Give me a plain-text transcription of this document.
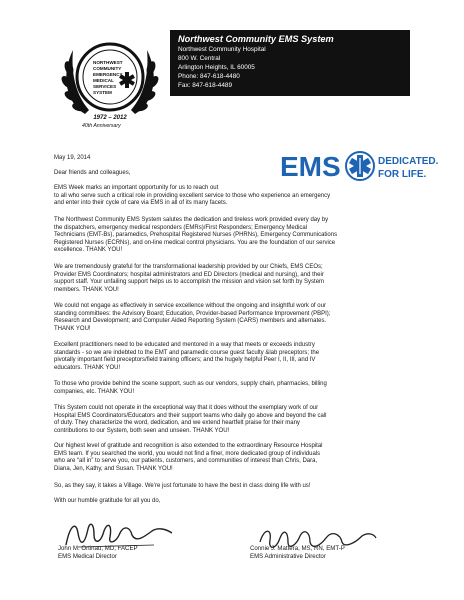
NORTHWEST
COMMUNITY
EMERGENCY
MEDICAL
SERVICES
SYSTEM
1972 – 2012
40th Anniversary
Northwest Community EMS System
Northwest Community Hospital
800 W. Central
Arlington Heights, IL 60005
Phone: 847-618-4480
Fax: 847-618-4489
EMS	DEDICATED.
FOR LIFE.
May 19, 2014
Dear friends and colleagues,
EMS Week marks an important opportunity for us to reach out
to all who serve such a critical role in providing excellent service to those who experience an emergency
and enter into their cycle of care via EMS in all of its many facets.
The Northwest Community EMS System salutes the dedication and tireless work provided every day by
the dispatchers, emergency medical responders (EMRs)/First Responders; Emergency Medical
Technicians (EMT-Bs), paramedics, Prehospital Registered Nurses (PHRNs), Emergency Communications
Registered Nurses (ECRNs), and on-line medical control physicians. You are the foundation of our service
excellence. THANK YOU!
We are tremendously grateful for the transformational leadership provided by our Chiefs, EMS CEOs;
Provider EMS Coordinators; hospital administrators and ED Directors (medical and nursing), and their
support staff. Your unfailing support helps us to accomplish the mission and vision set forth by System
members. THANK YOU!
We could not engage as effectively in service excellence without the ongoing and insightful work of our
standing committees: the Advisory Board; Education, Provider-based Performance Improvement (PBPI);
Research and Development; and Computer Aided Reporting System (CARS) members and alternates.
THANK YOU!
Excellent practitioners need to be educated and mentored in a way that meets or exceeds industry
standards - so we are indebted to the EMT and paramedic course guest faculty &lab preceptors; the
pivotally important field preceptors/field training officers; and the hugely helpful Peer I, II, III, and IV
educators. THANK YOU!
To those who provide behind the scene support, such as our vendors, supply chain, pharmacies, billing
companies, etc. THANK YOU!
This System could not operate in the exceptional way that it does without the exemplary work of our
Hospital EMS Coordinators/Educators and their support teams who daily go above and beyond the call
of duty. They characterize the word, dedication, and we extend heartfelt praise for their many
contributions to our System, both seen and unseen. THANK YOU!
Our highest level of gratitude and recognition is also extended to the extraordinary Resource Hospital
EMS team. If you searched the world, you would not find a finer, more dedicated group of individuals
who are “all in” to serve you, our patients, customers, and communities of interest than Chris, Dara,
Diana, Jen, Kathy, and Susan. THANK YOU!
So, as they say, it takes a Village. We’re just fortunate to have the best in class doing life with us!
With our humble gratitude for all you do,
John M. Ortinau, MD, FACEP
EMS Medical Director
Connie J. Mattera, MS, RN, EMT-P
EMS Administrative Director
